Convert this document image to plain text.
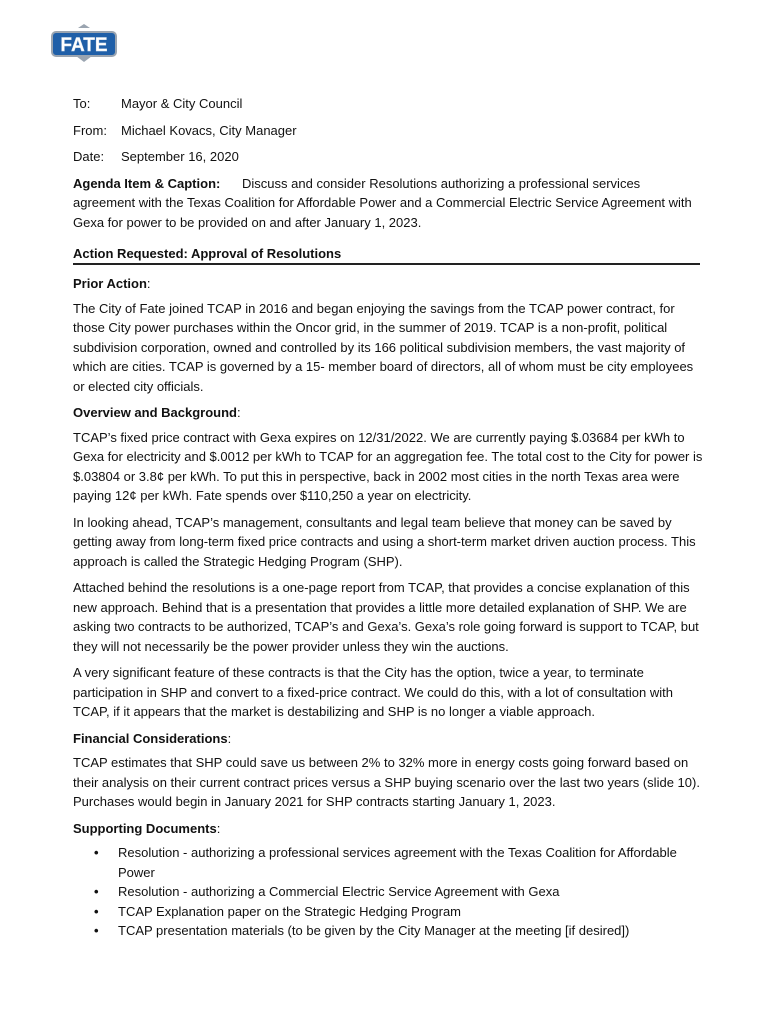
FATE
To:	Mayor & City Council
From:	Michael Kovacs, City Manager
Date:	September 16, 2020

Agenda Item & Caption: Discuss and consider Resolutions authorizing a professional services agreement with the Texas Coalition for Affordable Power and a Commercial Electric Service Agreement with Gexa for power to be provided on and after January 1, 2023.

Action Requested: Approval of Resolutions

Prior Action:

The City of Fate joined TCAP in 2016 and began enjoying the savings from the TCAP power contract, for those City power purchases within the Oncor grid, in the summer of 2019. TCAP is a non-profit, political subdivision corporation, owned and controlled by its 166 political subdivision members, the vast majority of which are cities. TCAP is governed by a 15- member board of directors, all of whom must be city employees or elected city officials.

Overview and Background:

TCAP’s fixed price contract with Gexa expires on 12/31/2022. We are currently paying $.03684 per kWh to Gexa for electricity and $.0012 per kWh to TCAP for an aggregation fee. The total cost to the City for power is $.03804 or 3.8¢ per kWh. To put this in perspective, back in 2002 most cities in the north Texas area were paying 12¢ per kWh. Fate spends over $110,250 a year on electricity.

In looking ahead, TCAP’s management, consultants and legal team believe that money can be saved by getting away from long-term fixed price contracts and using a short-term market driven auction process. This approach is called the Strategic Hedging Program (SHP).

Attached behind the resolutions is a one-page report from TCAP, that provides a concise explanation of this new approach. Behind that is a presentation that provides a little more detailed explanation of SHP. We are asking two contracts to be authorized, TCAP’s and Gexa’s. Gexa’s role going forward is support to TCAP, but they will not necessarily be the power provider unless they win the auctions.

A very significant feature of these contracts is that the City has the option, twice a year, to terminate participation in SHP and convert to a fixed-price contract. We could do this, with a lot of consultation with TCAP, if it appears that the market is destabilizing and SHP is no longer a viable approach.

Financial Considerations:

TCAP estimates that SHP could save us between 2% to 32% more in energy costs going forward based on their analysis on their current contract prices versus a SHP buying scenario over the last two years (slide 10). Purchases would begin in January 2021 for SHP contracts starting January 1, 2023.

Supporting Documents:

• Resolution - authorizing a professional services agreement with the Texas Coalition for Affordable Power
• Resolution - authorizing a Commercial Electric Service Agreement with Gexa
• TCAP Explanation paper on the Strategic Hedging Program
• TCAP presentation materials (to be given by the City Manager at the meeting [if desired])
